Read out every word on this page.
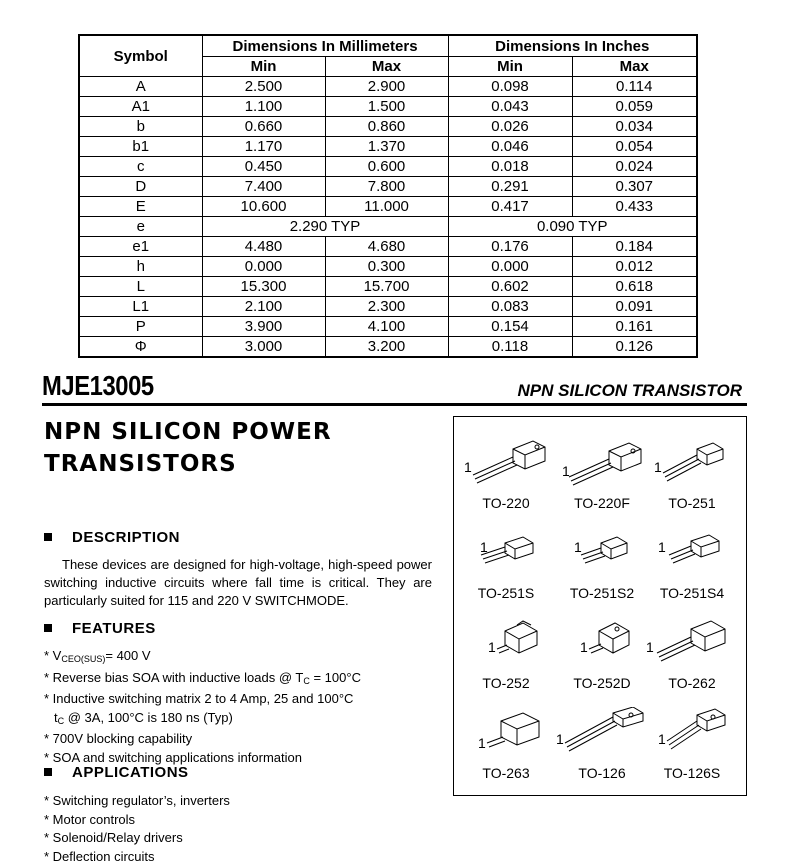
Symbol	Dimensions In Millimeters		Dimensions In Inches	
	Min	Max	Min	Max
A	2.500	2.900	0.098	0.114
A1	1.100	1.500	0.043	0.059
b	0.660	0.860	0.026	0.034
b1	1.170	1.370	0.046	0.054
c	0.450	0.600	0.018	0.024
D	7.400	7.800	0.291	0.307
E	10.600	11.000	0.417	0.433
e	2.290 TYP		0.090 TYP	
e1	4.480	4.680	0.176	0.184
h	0.000	0.300	0.000	0.012
L	15.300	15.700	0.602	0.618
L1	2.100	2.300	0.083	0.091
P	3.900	4.100	0.154	0.161
Φ	3.000	3.200	0.118	0.126
MJE13005	NPN SILICON TRANSISTOR
NPN SILICON POWER
TRANSISTORS
DESCRIPTION
These devices are designed for high-voltage, high-speed power switching inductive circuits where fall time is critical. They are particularly suited for 115 and 220 V SWITCHMODE.
FEATURES
* $V_{CEO(SUS)}= 400$ V
* Reverse bias SOA with inductive loads @ $T_C = 100^\circ C$
* Inductive switching matrix 2 to 4 Amp, 25 and 100°C
$t_C$ @ 3A, 100°C is 180 ns (Typ)
* 700V blocking capability
* SOA and switching applications information
APPLICATIONS
* Switching regulator’s, inverters
* Motor controls
* Solenoid/Relay drivers
* Deflection circuits
1
TO-220
1
TO-220F
1
TO-251
1
TO-251S
1
TO-251S2
1
TO-251S4
1
TO-252
1
TO-252D
1
TO-262
1
TO-263
1
TO-126
1
TO-126S
